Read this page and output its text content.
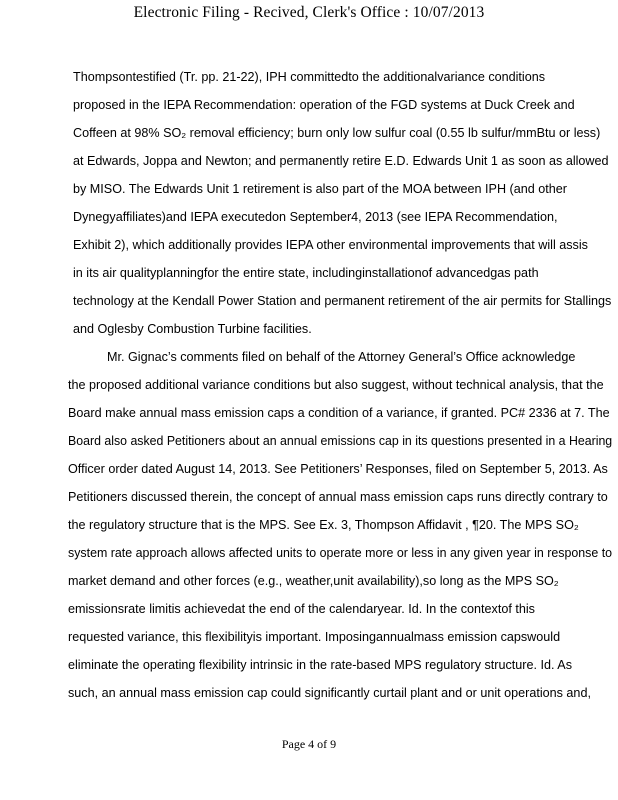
Electronic Filing - Recived, Clerk's Office : 10/07/2013
Thompsontestified (Tr. pp. 21-22), IPH committedto the additionalvariance conditions
proposed in the IEPA Recommendation: operation of the FGD systems at Duck Creek and
Coffeen at 98% SO₂ removal efficiency; burn only low sulfur coal (0.55 lb sulfur/mmBtu or less)
at Edwards, Joppa and Newton; and permanently retire E.D. Edwards Unit 1 as soon as allowed
by MISO. The Edwards Unit 1 retirement is also part of the MOA between IPH (and other
Dynegyaffiliates)and IEPA executedon September4, 2013 (see IEPA Recommendation,
Exhibit 2), which additionally provides IEPA other environmental improvements that will assis
in its air qualityplanningfor the entire state, includinginstallationof advancedgas path
technology at the Kendall Power Station and permanent retirement of the air permits for Stallings
and Oglesby Combustion Turbine facilities.
Mr. Gignac’s comments filed on behalf of the Attorney General’s Office acknowledge
the proposed additional variance conditions but also suggest, without technical analysis, that the
Board make annual mass emission caps a condition of a variance, if granted. PC# 2336 at 7. The
Board also asked Petitioners about an annual emissions cap in its questions presented in a Hearing
Officer order dated August 14, 2013. See Petitioners’ Responses, filed on September 5, 2013. As
Petitioners discussed therein, the concept of annual mass emission caps runs directly contrary to
the regulatory structure that is the MPS. See Ex. 3, Thompson Affidavit , ¶20. The MPS SO₂
system rate approach allows affected units to operate more or less in any given year in response to
market demand and other forces (e.g., weather,unit availability),so long as the MPS SO₂
emissionsrate limitis achievedat the end of the calendaryear. Id. In the contextof this
requested variance, this flexibilityis important. Imposingannualmass emission capswould
eliminate the operating flexibility intrinsic in the rate-based MPS regulatory structure. Id. As
such, an annual mass emission cap could significantly curtail plant and or unit operations and,
Page 4 of 9
